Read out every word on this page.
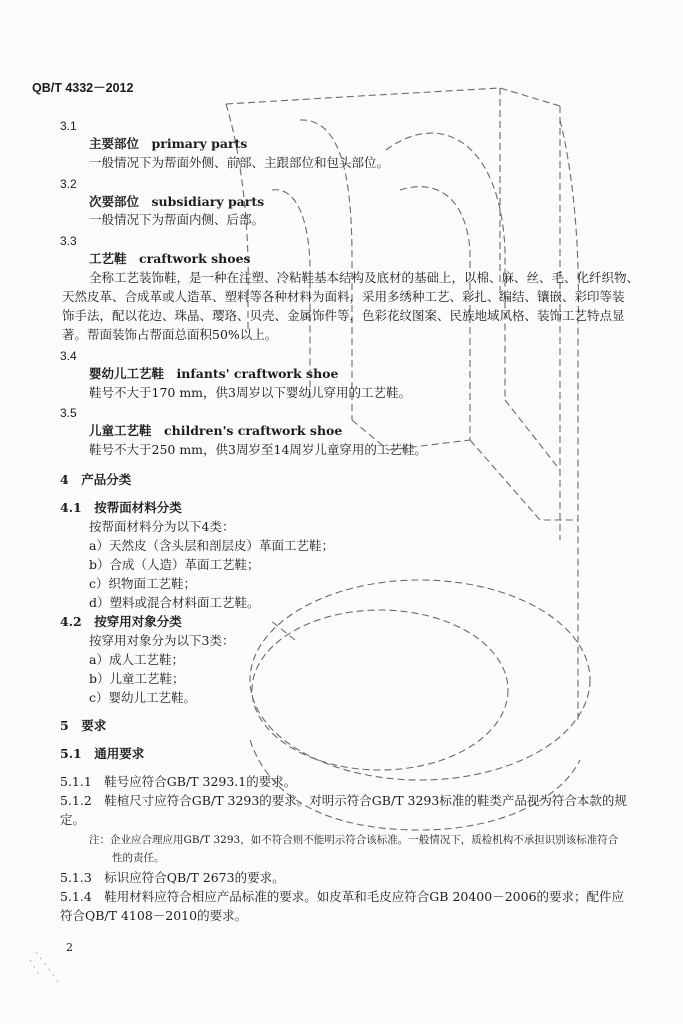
QB/T 4332－2012
3.1
主要部位　primary parts
一般情况下为帮面外侧、前部、主跟部位和包头部位。
3.2
次要部位　subsidiary parts
一般情况下为帮面内侧、后部。
3.3
工艺鞋　craftwork shoes
全称工艺装饰鞋，是一种在注塑、冷粘鞋基本结构及底材的基础上，以棉、麻、丝、毛、化纤织物、
天然皮革、合成革或人造革、塑料等各种材料为面料，采用多绣种工艺、彩扎、编结、镶嵌、彩印等装
饰手法，配以花边、珠晶、璎珞、贝壳、金属饰件等，色彩花纹图案、民族地域风格、装饰工艺特点显
著。帮面装饰占帮面总面积50%以上。
3.4
婴幼儿工艺鞋　infants' craftwork shoe
鞋号不大于170 mm，供3周岁以下婴幼儿穿用的工艺鞋。
3.5
儿童工艺鞋　children's craftwork shoe
鞋号不大于250 mm，供3周岁至14周岁儿童穿用的工艺鞋。
4　产品分类
4.1　按帮面材料分类
按帮面材料分为以下4类：
a）天然皮（含头层和剖层皮）革面工艺鞋；
b）合成（人造）革面工艺鞋；
c）织物面工艺鞋；
d）塑料或混合材料面工艺鞋。
4.2　按穿用对象分类
按穿用对象分为以下3类：
a）成人工艺鞋；
b）儿童工艺鞋；
c）婴幼儿工艺鞋。
5　要求
5.1　通用要求
5.1.1　鞋号应符合GB/T 3293.1的要求。
5.1.2　鞋楦尺寸应符合GB/T 3293的要求。对明示符合GB/T 3293标准的鞋类产品视为符合本款的规
定。
注：企业应合理应用GB/T 3293，如不符合则不能明示符合该标准。一般情况下，质检机构不承担识别该标准符合
性的责任。
5.1.3　标识应符合QB/T 2673的要求。
5.1.4　鞋用材料应符合相应产品标准的要求。如皮革和毛皮应符合GB 20400－2006的要求；配件应
符合QB/T 4108－2010的要求。
2
